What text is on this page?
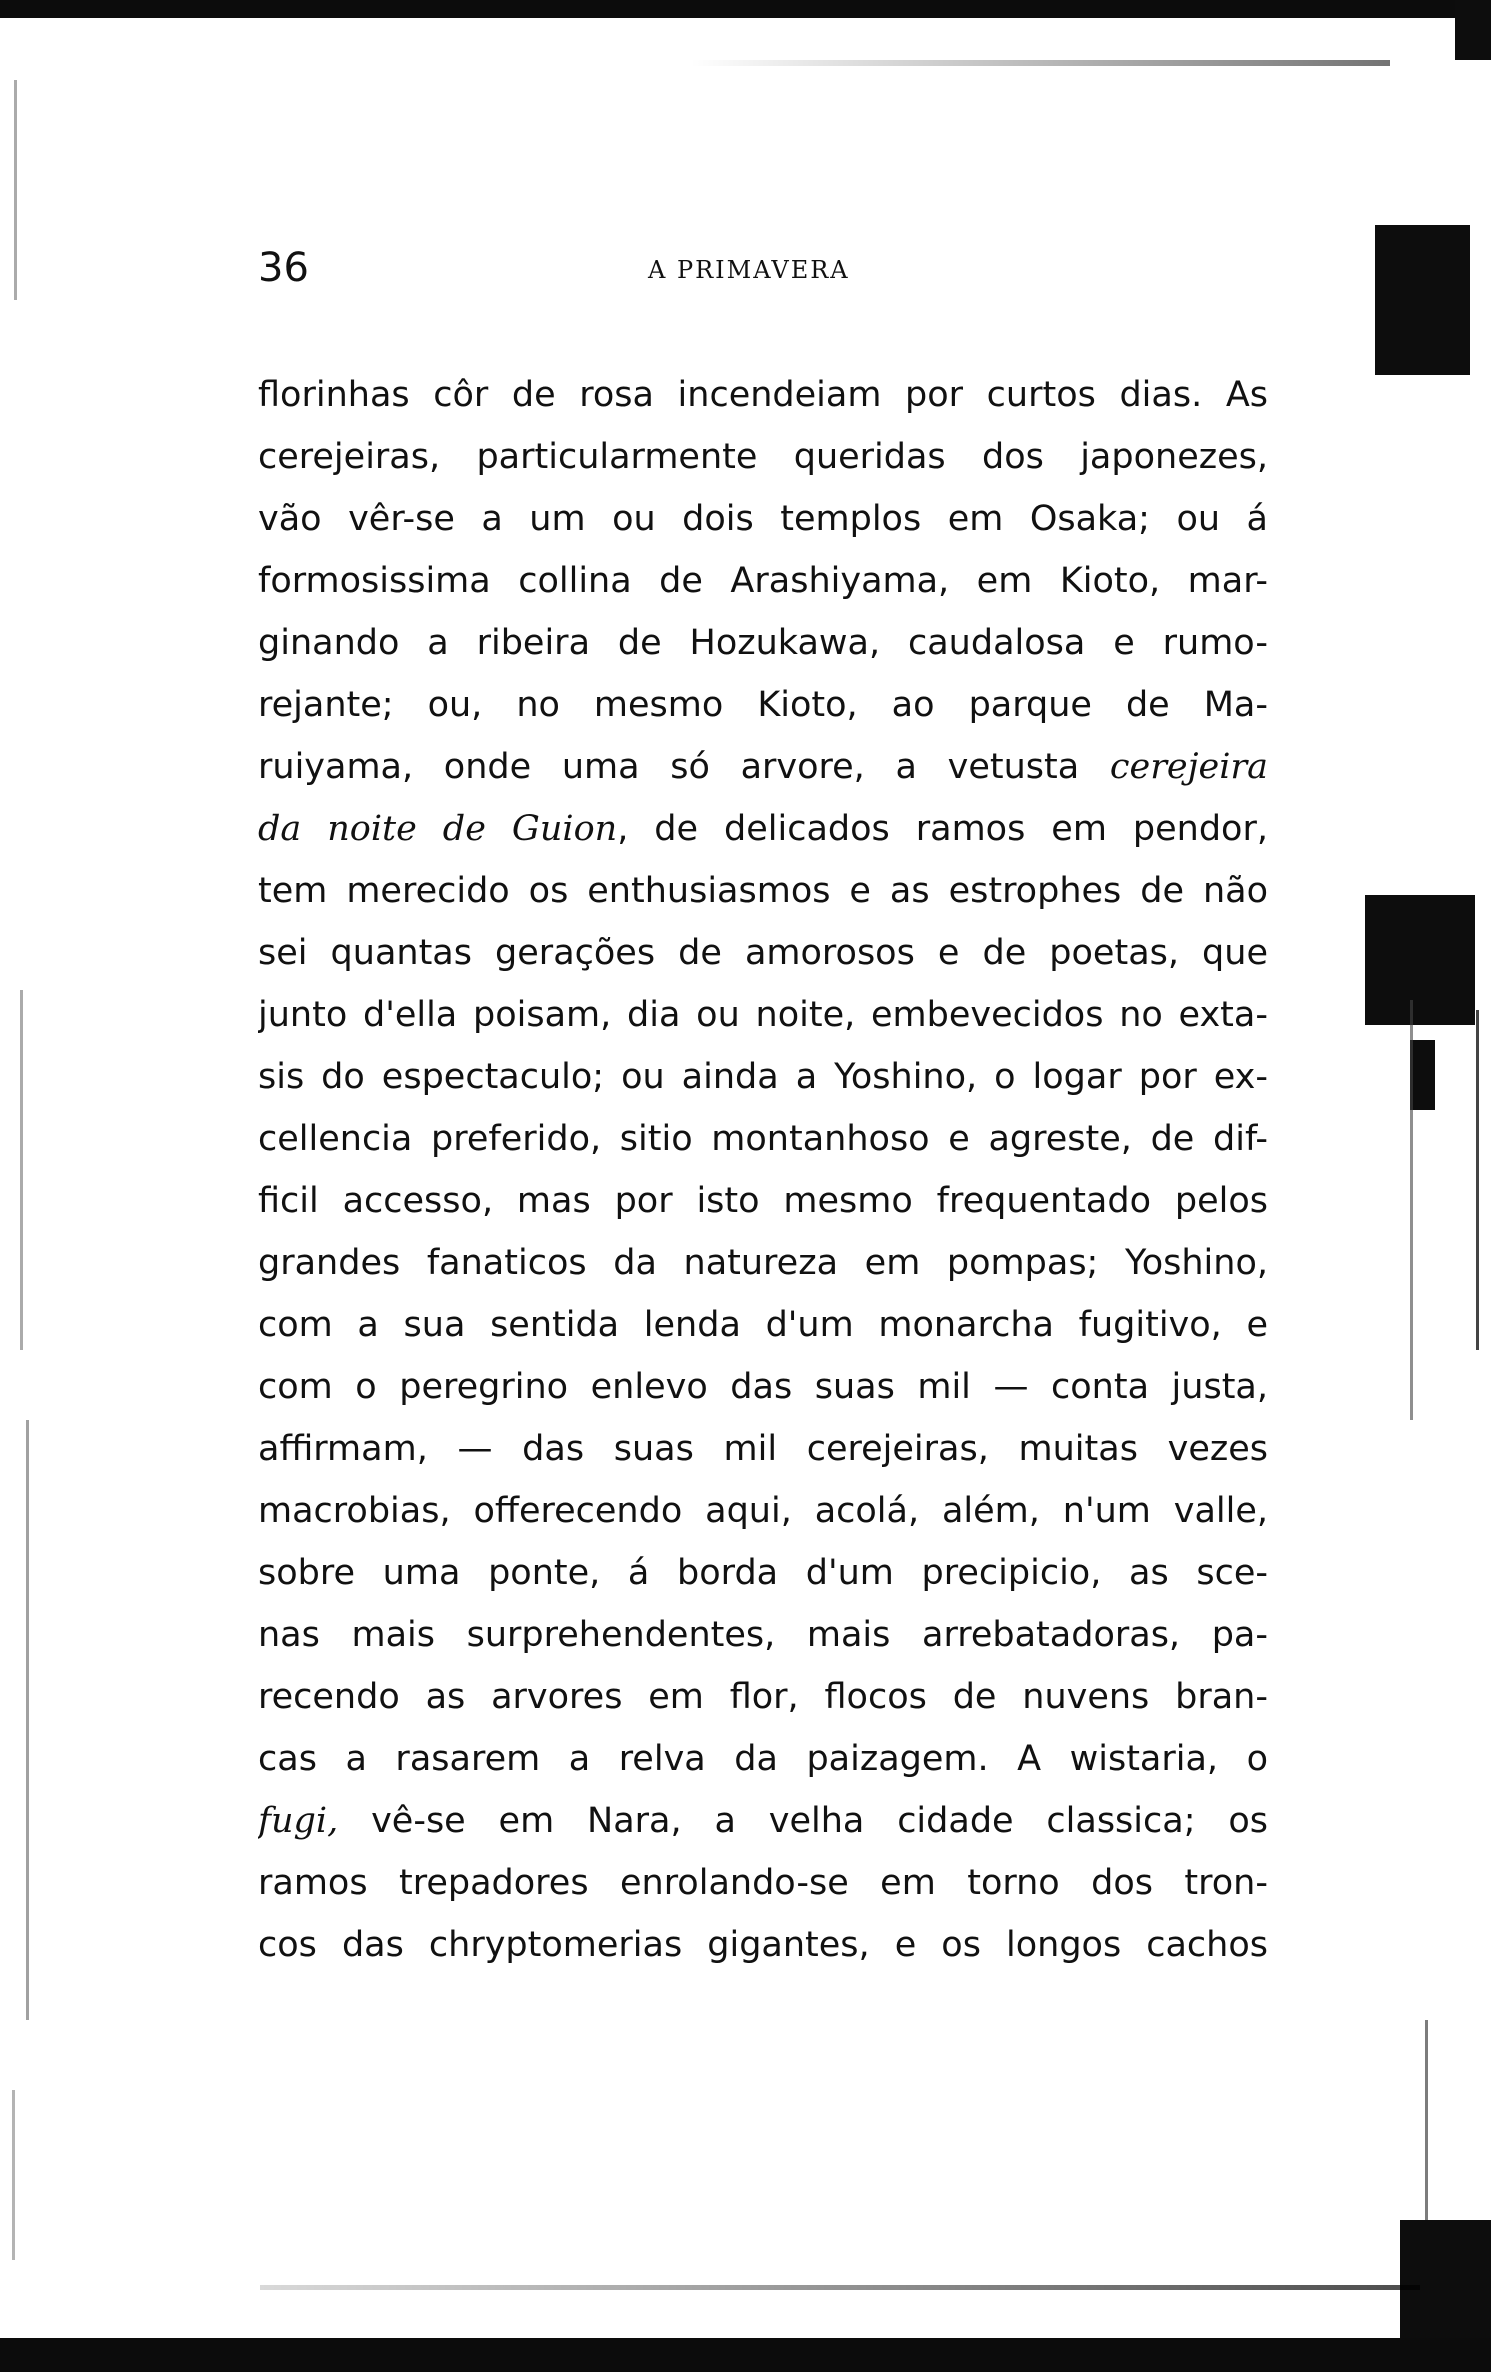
36	A PRIMAVERA
florinhas côr de rosa incendeiam por curtos dias. As
cerejeiras, particularmente queridas dos japonezes,
vão vêr-se a um ou dois templos em Osaka; ou á
formosissima collina de Arashiyama, em Kioto, mar-
ginando a ribeira de Hozukawa, caudalosa e rumo-
rejante; ou, no mesmo Kioto, ao parque de Ma-
ruiyama, onde uma só arvore, a vetusta cerejeira
da noite de Guion, de delicados ramos em pendor,
tem merecido os enthusiasmos e as estrophes de não
sei quantas gerações de amorosos e de poetas, que
junto d'ella poisam, dia ou noite, embevecidos no exta-
sis do espectaculo; ou ainda a Yoshino, o logar por ex-
cellencia preferido, sitio montanhoso e agreste, de dif-
ficil accesso, mas por isto mesmo frequentado pelos
grandes fanaticos da natureza em pompas; Yoshino,
com a sua sentida lenda d'um monarcha fugitivo, e
com o peregrino enlevo das suas mil — conta justa,
affirmam, — das suas mil cerejeiras, muitas vezes
macrobias, offerecendo aqui, acolá, além, n'um valle,
sobre uma ponte, á borda d'um precipicio, as sce-
nas mais surprehendentes, mais arrebatadoras, pa-
recendo as arvores em flor, flocos de nuvens bran-
cas a rasarem a relva da paizagem. A wistaria, o
fugi, vê-se em Nara, a velha cidade classica; os
ramos trepadores enrolando-se em torno dos tron-
cos das chryptomerias gigantes, e os longos cachos
